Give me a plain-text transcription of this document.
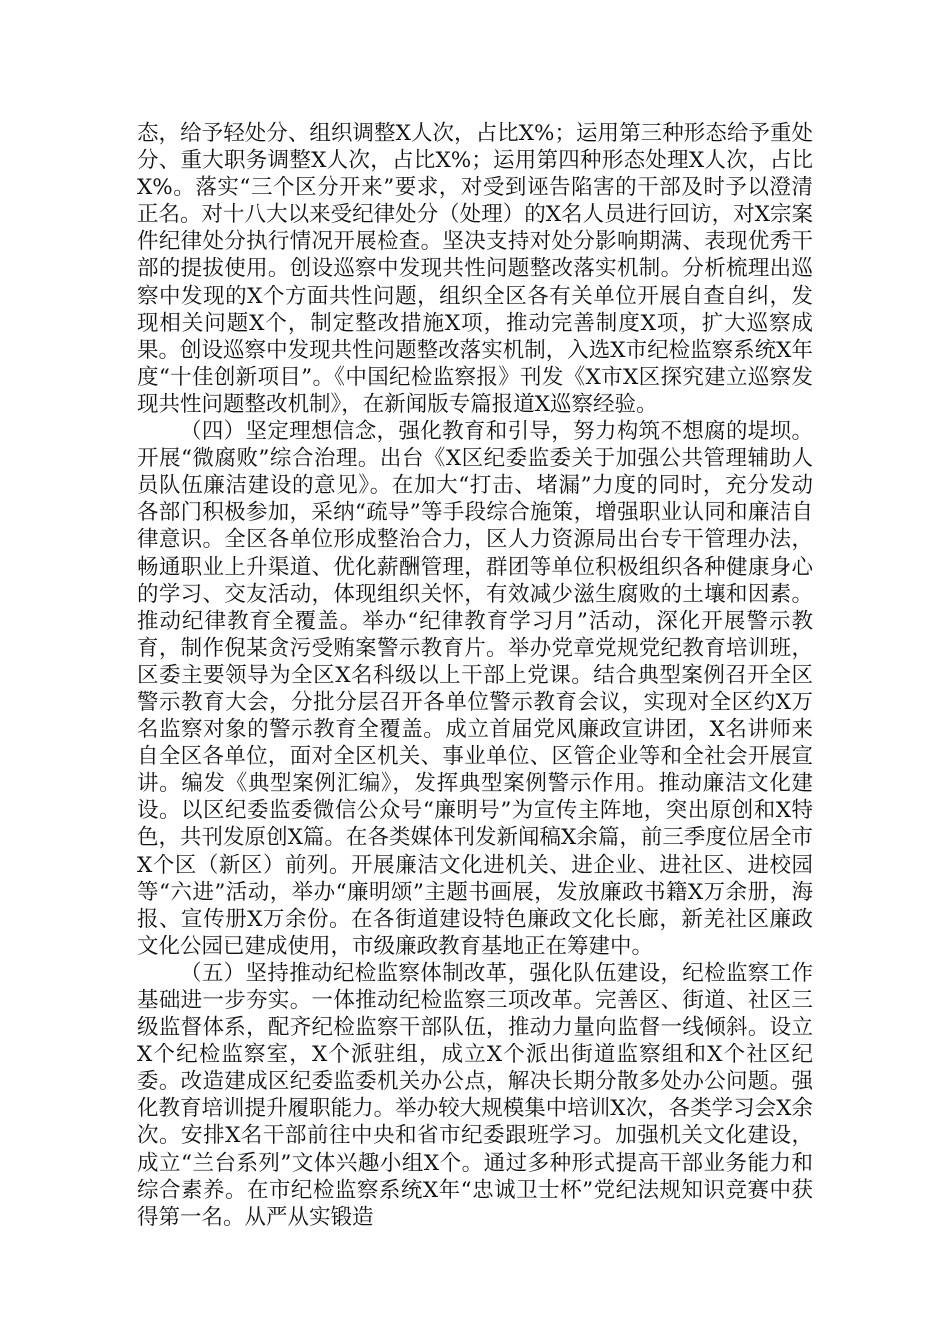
态，给予轻处分、组织调整X人次，占比X%；运用第三种形态给予重处分、重大职务调整X人次，占比X%；运用第四种形态处理X人次，占比X%。落实“三个区分开来”要求，对受到诬告陷害的干部及时予以澄清正名。对十八大以来受纪律处分（处理）的X名人员进行回访，对X宗案件纪律处分执行情况开展检查。坚决支持对处分影响期满、表现优秀干部的提拔使用。创设巡察中发现共性问题整改落实机制。分析梳理出巡察中发现的X个方面共性问题，组织全区各有关单位开展自查自纠，发现相关问题X个，制定整改措施X项，推动完善制度X项，扩大巡察成果。创设巡察中发现共性问题整改落实机制，入选X市纪检监察系统X年度“十佳创新项目”。《中国纪检监察报》刊发《X市X区探究建立巡察发现共性问题整改机制》，在新闻版专篇报道X巡察经验。

（四）坚定理想信念，强化教育和引导，努力构筑不想腐的堤坝。开展“微腐败”综合治理。出台《X区纪委监委关于加强公共管理辅助人员队伍廉洁建设的意见》。在加大“打击、堵漏”力度的同时，充分发动各部门积极参加，采纳“疏导”等手段综合施策，增强职业认同和廉洁自律意识。全区各单位形成整治合力，区人力资源局出台专干管理办法，畅通职业上升渠道、优化薪酬管理，群团等单位积极组织各种健康身心的学习、交友活动，体现组织关怀，有效减少滋生腐败的土壤和因素。推动纪律教育全覆盖。举办“纪律教育学习月”活动，深化开展警示教育，制作倪某贪污受贿案警示教育片。举办党章党规党纪教育培训班，区委主要领导为全区X名科级以上干部上党课。结合典型案例召开全区警示教育大会，分批分层召开各单位警示教育会议，实现对全区约X万名监察对象的警示教育全覆盖。成立首届党风廉政宣讲团，X名讲师来自全区各单位，面对全区机关、事业单位、区管企业等和全社会开展宣讲。编发《典型案例汇编》，发挥典型案例警示作用。推动廉洁文化建设。以区纪委监委微信公众号“廉明号”为宣传主阵地，突出原创和X特色，共刊发原创X篇。在各类媒体刊发新闻稿X余篇，前三季度位居全市X个区（新区）前列。开展廉洁文化进机关、进企业、进社区、进校园等“六进”活动，举办“廉明颂”主题书画展，发放廉政书籍X万余册，海报、宣传册X万余份。在各街道建设特色廉政文化长廊，新羌社区廉政文化公园已建成使用，市级廉政教育基地正在筹建中。

（五）坚持推动纪检监察体制改革，强化队伍建设，纪检监察工作基础进一步夯实。一体推动纪检监察三项改革。完善区、街道、社区三级监督体系，配齐纪检监察干部队伍，推动力量向监督一线倾斜。设立X个纪检监察室，X个派驻组，成立X个派出街道监察组和X个社区纪委。改造建成区纪委监委机关办公点，解决长期分散多处办公问题。强化教育培训提升履职能力。举办较大规模集中培训X次，各类学习会X余次。安排X名干部前往中央和省市纪委跟班学习。加强机关文化建设，成立“兰台系列”文体兴趣小组X个。通过多种形式提高干部业务能力和综合素养。在市纪检监察系统X年“忠诚卫士杯”党纪法规知识竞赛中获得第一名。从严从实锻造
